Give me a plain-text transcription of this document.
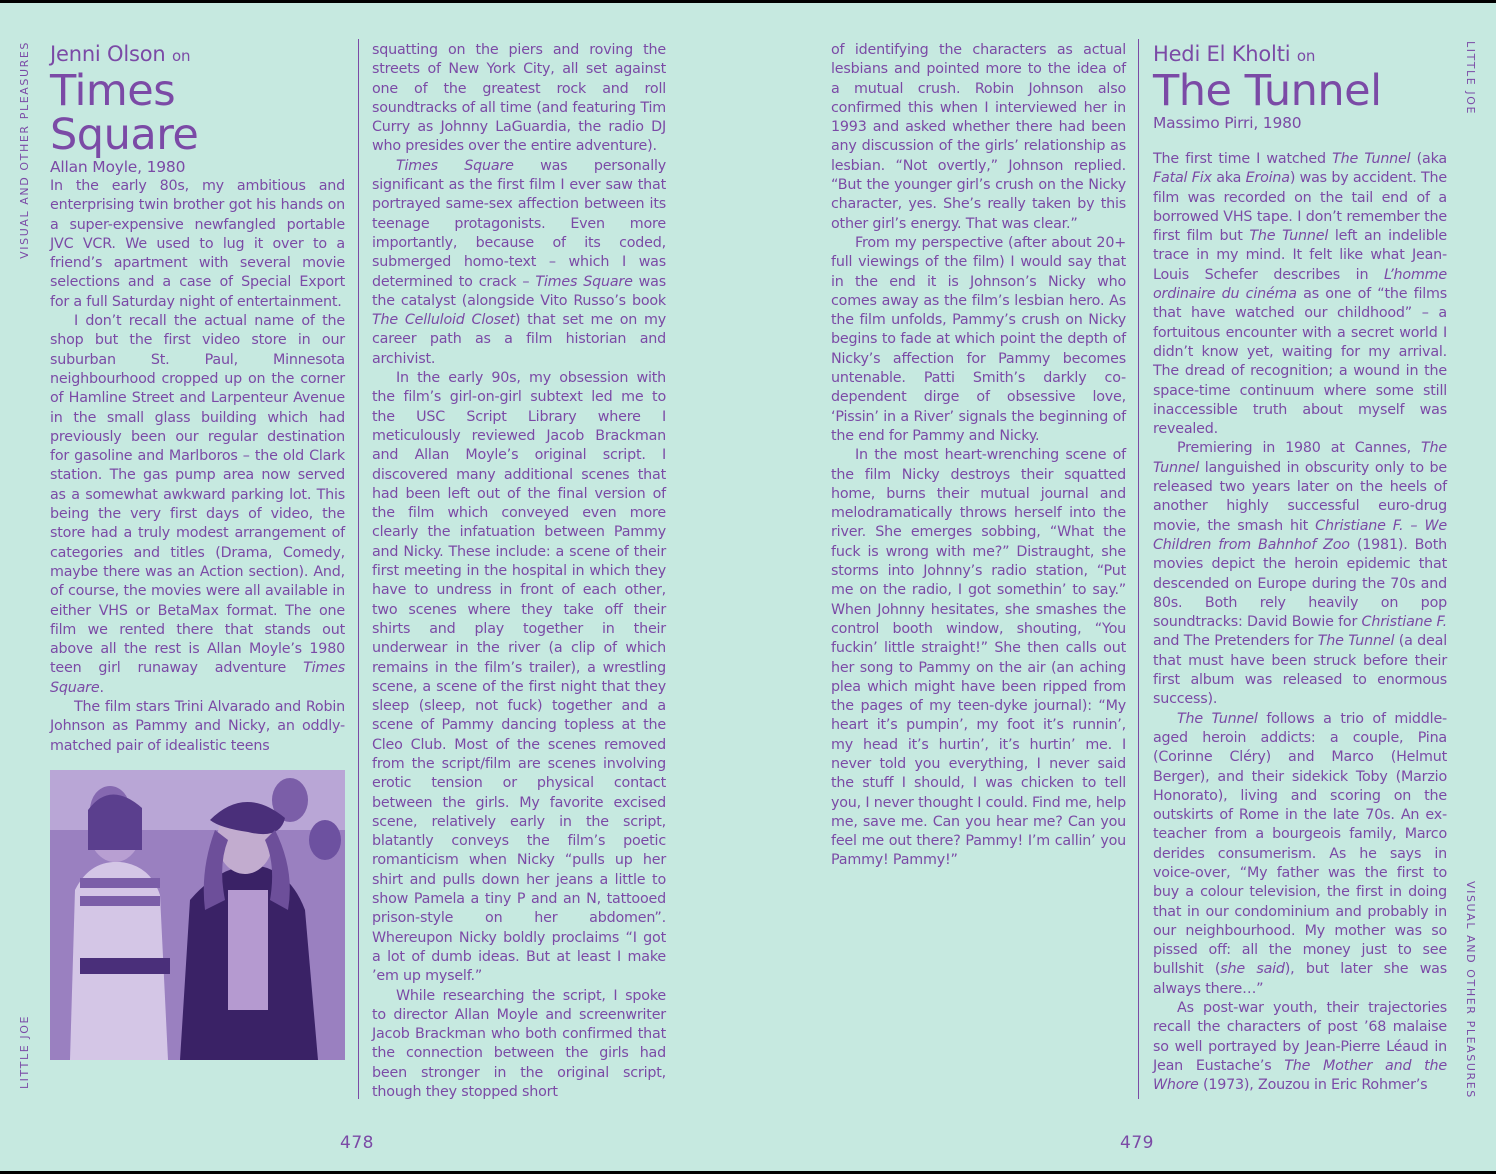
VISUAL AND OTHER PLEASURES
LITTLE JOE

Jenni Olson on

Times
Square

Allan Moyle, 1980

In the early 80s, my ambitious and enterprising twin brother got his hands on a super-expensive newfangled portable JVC VCR. We used to lug it over to a friend’s apartment with several movie selections and a case of Special Export for a full Saturday night of entertainment.

I don’t recall the actual name of the shop but the first video store in our suburban St. Paul, Minnesota neighbourhood cropped up on the corner of Hamline Street and Larpenteur Avenue in the small glass building which had previously been our regular destination for gasoline and Marlboros – the old Clark station. The gas pump area now served as a somewhat awkward parking lot. This being the very first days of video, the store had a truly modest arrangement of categories and titles (Drama, Comedy, maybe there was an Action section). And, of course, the movies were all available in either VHS or BetaMax format. The one film we rented there that stands out above all the rest is Allan Moyle’s 1980 teen girl runaway adventure Times Square.

The film stars Trini Alvarado and Robin Johnson as Pammy and Nicky, an oddly-matched pair of idealistic teens

squatting on the piers and roving the streets of New York City, all set against one of the greatest rock and roll soundtracks of all time (and featuring Tim Curry as Johnny LaGuardia, the radio DJ who presides over the entire adventure).

Times Square was personally significant as the first film I ever saw that portrayed same-sex affection between its teenage protagonists. Even more importantly, because of its coded, submerged homo-text – which I was determined to crack – Times Square was the catalyst (alongside Vito Russo’s book The Celluloid Closet) that set me on my career path as a film historian and archivist.

In the early 90s, my obsession with the film’s girl-on-girl subtext led me to the USC Script Library where I meticulously reviewed Jacob Brackman and Allan Moyle’s original script. I discovered many additional scenes that had been left out of the final version of the film which conveyed even more clearly the infatuation between Pammy and Nicky. These include: a scene of their first meeting in the hospital in which they have to undress in front of each other, two scenes where they take off their shirts and play together in their underwear in the river (a clip of which remains in the film’s trailer), a wrestling scene, a scene of the first night that they sleep (sleep, not fuck) together and a scene of Pammy dancing topless at the Cleo Club. Most of the scenes removed from the script/film are scenes involving erotic tension or physical contact between the girls. My favorite excised scene, relatively early in the script, blatantly conveys the film’s poetic romanticism when Nicky “pulls up her shirt and pulls down her jeans a little to show Pamela a tiny P and an N, tattooed prison-style on her abdomen”. Whereupon Nicky boldly proclaims “I got a lot of dumb ideas. But at least I make ’em up myself.”

While researching the script, I spoke to director Allan Moyle and screenwriter Jacob Brackman who both confirmed that the connection between the girls had been stronger in the original script, though they stopped short

478

of identifying the characters as actual lesbians and pointed more to the idea of a mutual crush. Robin Johnson also confirmed this when I interviewed her in 1993 and asked whether there had been any discussion of the girls’ relationship as lesbian. “Not overtly,” Johnson replied. “But the younger girl’s crush on the Nicky character, yes. She’s really taken by this other girl’s energy. That was clear.”

From my perspective (after about 20+ full viewings of the film) I would say that in the end it is Johnson’s Nicky who comes away as the film’s lesbian hero. As the film unfolds, Pammy’s crush on Nicky begins to fade at which point the depth of Nicky’s affection for Pammy becomes untenable. Patti Smith’s darkly co-dependent dirge of obsessive love, ‘Pissin’ in a River’ signals the beginning of the end for Pammy and Nicky.

In the most heart-wrenching scene of the film Nicky destroys their squatted home, burns their mutual journal and melodramatically throws herself into the river. She emerges sobbing, “What the fuck is wrong with me?” Distraught, she storms into Johnny’s radio station, “Put me on the radio, I got somethin’ to say.” When Johnny hesitates, she smashes the control booth window, shouting, “You fuckin’ little straight!” She then calls out her song to Pammy on the air (an aching plea which might have been ripped from the pages of my teen-dyke journal): “My heart it’s pumpin’, my foot it’s runnin’, my head it’s hurtin’, it’s hurtin’ me. I never told you everything, I never said the stuff I should, I was chicken to tell you, I never thought I could. Find me, help me, save me. Can you hear me? Can you feel me out there? Pammy! I’m callin’ you Pammy! Pammy!”

Hedi El Kholti on

The Tunnel

Massimo Pirri, 1980

The first time I watched The Tunnel (aka Fatal Fix aka Eroina) was by accident. The film was recorded on the tail end of a borrowed VHS tape. I don’t remember the first film but The Tunnel left an indelible trace in my mind. It felt like what Jean-Louis Schefer describes in L’homme ordinaire du cinéma as one of “the films that have watched our childhood” – a fortuitous encounter with a secret world I didn’t know yet, waiting for my arrival. The dread of recognition; a wound in the space-time continuum where some still inaccessible truth about myself was revealed.

Premiering in 1980 at Cannes, The Tunnel languished in obscurity only to be released two years later on the heels of another highly successful euro-drug movie, the smash hit Christiane F. – We Children from Bahnhof Zoo (1981). Both movies depict the heroin epidemic that descended on Europe during the 70s and 80s. Both rely heavily on pop soundtracks: David Bowie for Christiane F. and The Pretenders for The Tunnel (a deal that must have been struck before their first album was released to enormous success).

The Tunnel follows a trio of middle-aged heroin addicts: a couple, Pina (Corinne Cléry) and Marco (Helmut Berger), and their sidekick Toby (Marzio Honorato), living and scoring on the outskirts of Rome in the late 70s. An ex-teacher from a bourgeois family, Marco derides consumerism. As he says in voice-over, “My father was the first to buy a colour television, the first in doing that in our condominium and probably in our neighbourhood. My mother was so pissed off: all the money just to see bullshit (she said), but later she was always there…”

As post-war youth, their trajectories recall the characters of post ’68 malaise so well portrayed by Jean-Pierre Léaud in Jean Eustache’s The Mother and the Whore (1973), Zouzou in Eric Rohmer’s

LITTLE JOE
VISUAL AND OTHER PLEASURES
479
